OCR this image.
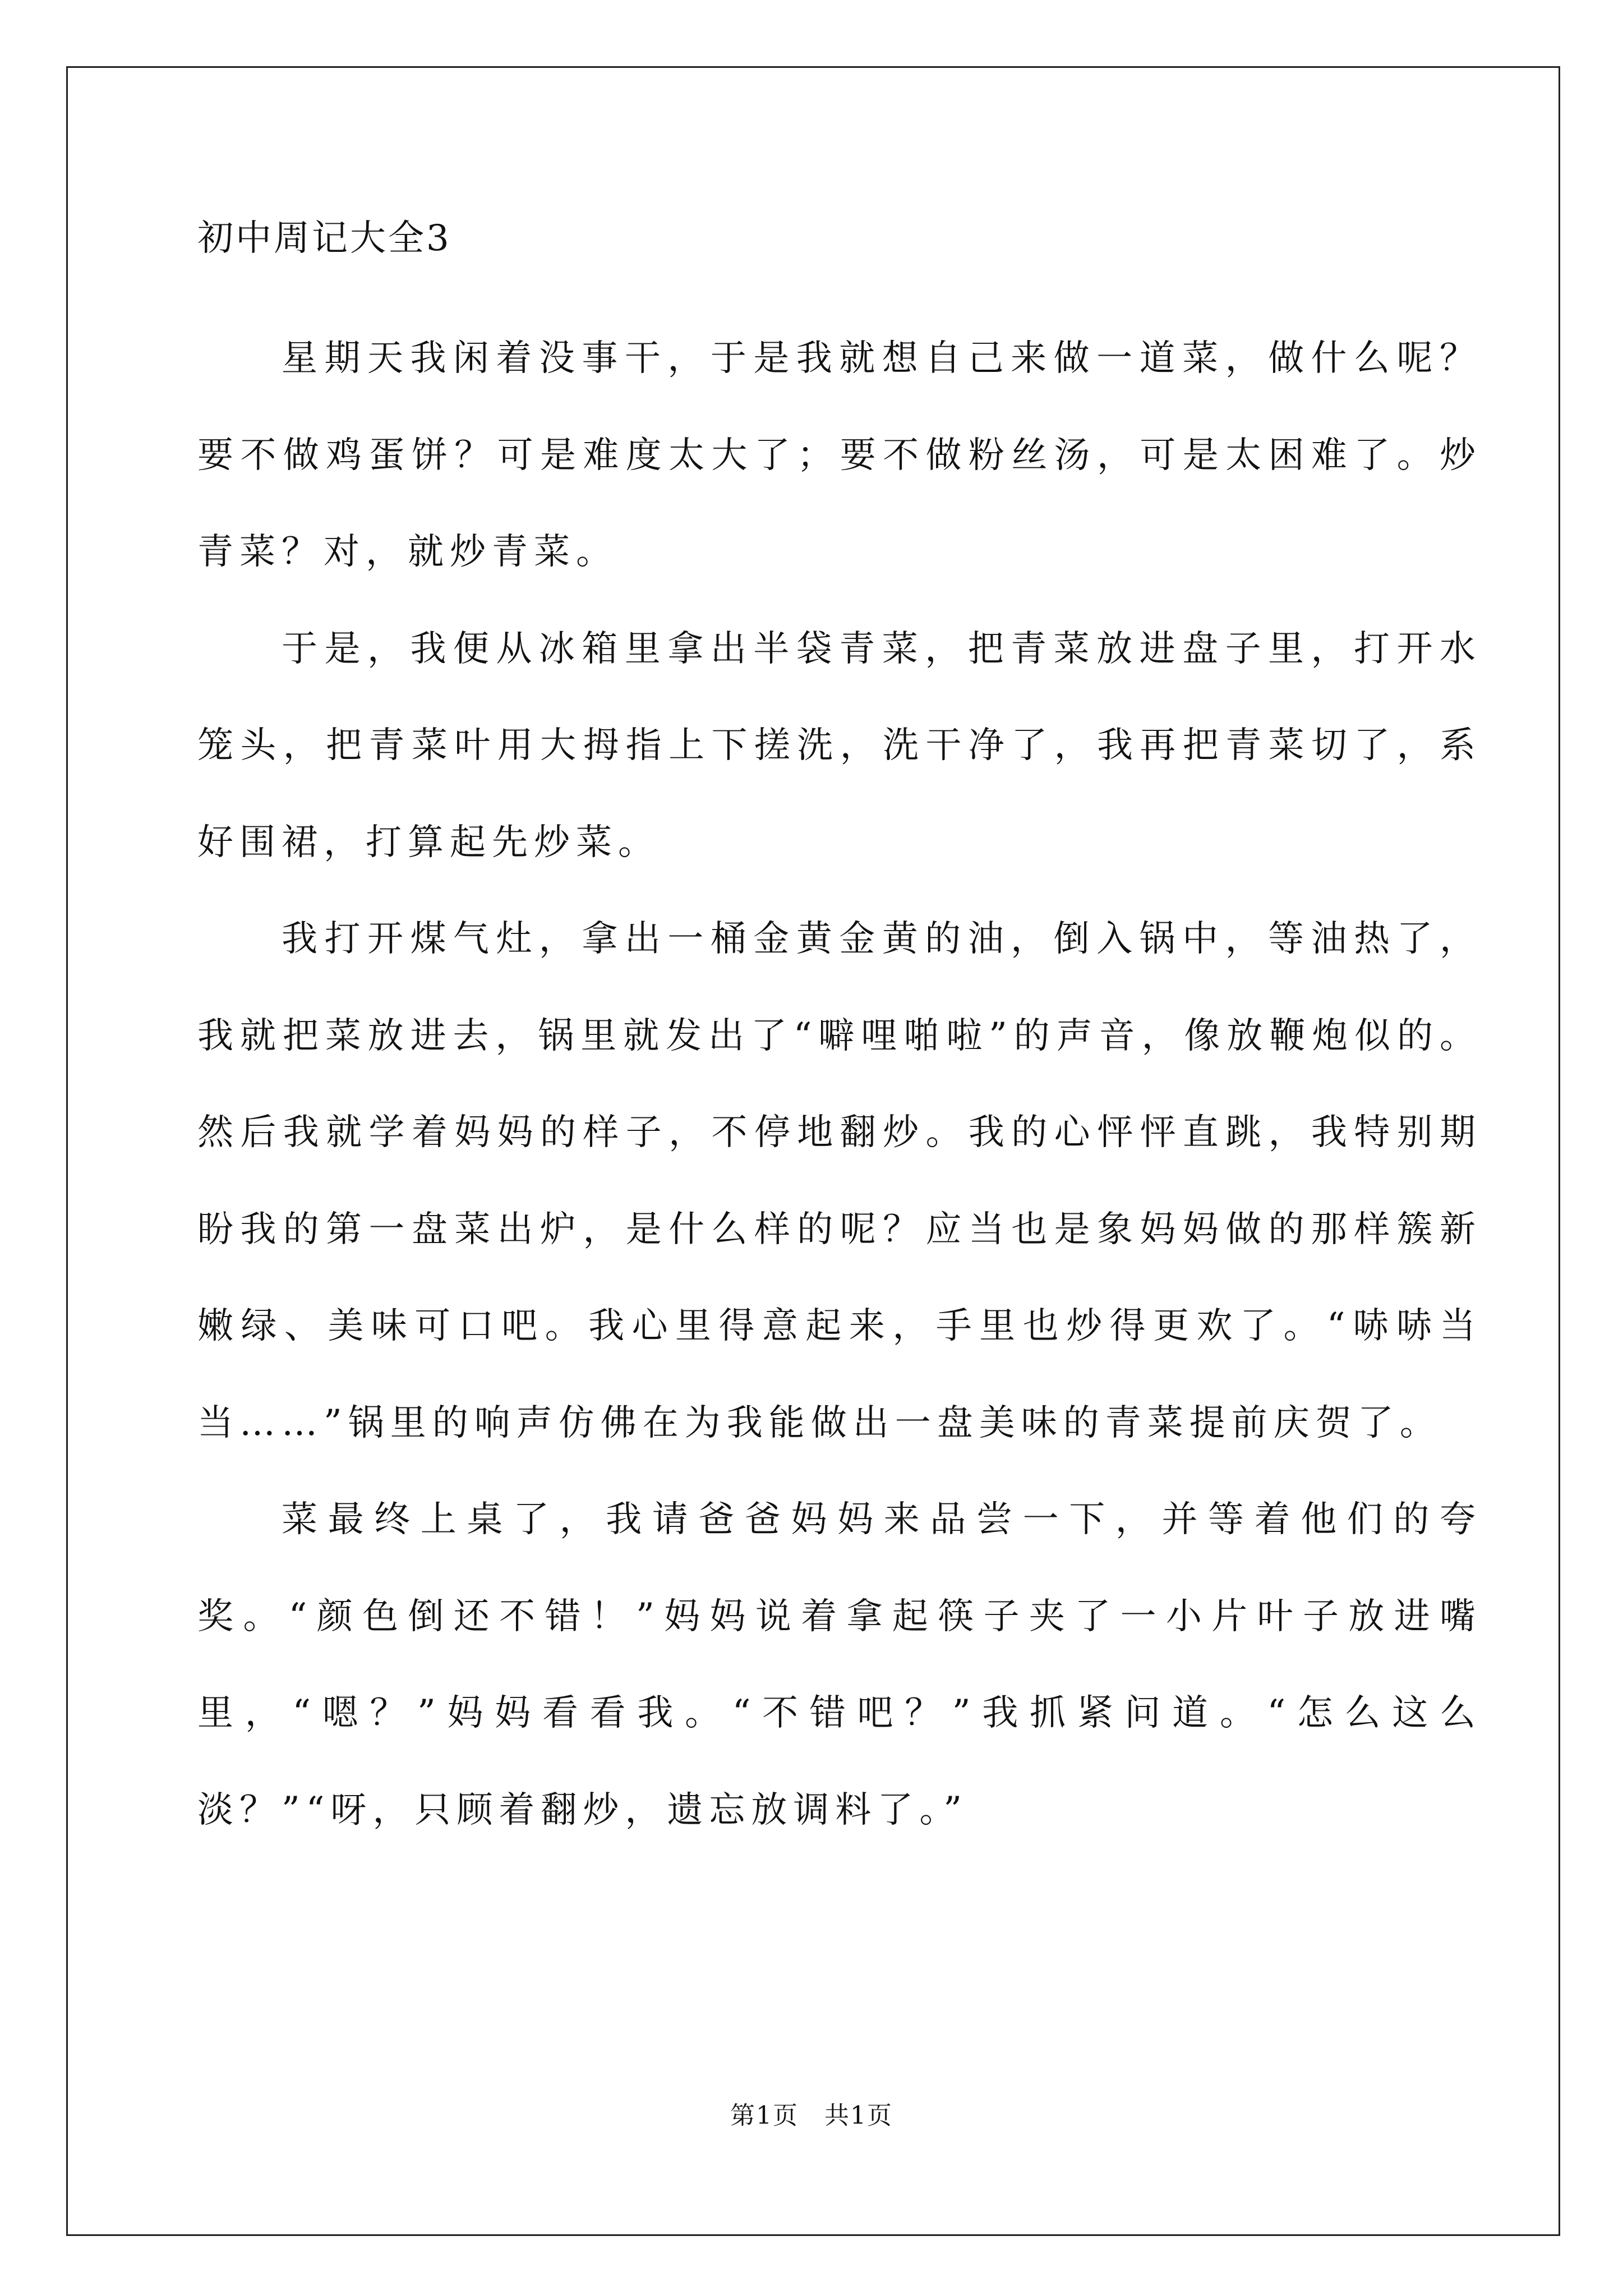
初中周记大全3

星期天我闲着没事干，于是我就想自己来做一道菜，做什么呢？要不做鸡蛋饼？可是难度太大了；要不做粉丝汤，可是太困难了。炒青菜？对，就炒青菜。

于是，我便从冰箱里拿出半袋青菜，把青菜放进盘子里，打开水笼头，把青菜叶用大拇指上下搓洗，洗干净了，我再把青菜切了，系好围裙，打算起先炒菜。

我打开煤气灶，拿出一桶金黄金黄的油，倒入锅中，等油热了，我就把菜放进去，锅里就发出了“噼哩啪啦”的声音，像放鞭炮似的。然后我就学着妈妈的样子，不停地翻炒。我的心怦怦直跳，我特别期盼我的第一盘菜出炉，是什么样的呢？应当也是象妈妈做的那样簇新嫩绿、美味可口吧。我心里得意起来，手里也炒得更欢了。“哧哧当当……”锅里的响声仿佛在为我能做出一盘美味的青菜提前庆贺了。

菜最终上桌了，我请爸爸妈妈来品尝一下，并等着他们的夸奖。“颜色倒还不错！”妈妈说着拿起筷子夹了一小片叶子放进嘴里，“嗯？”妈妈看看我。“不错吧？”我抓紧问道。“怎么这么淡？”“呀，只顾着翻炒，遗忘放调料了。”

第1页　共1页
